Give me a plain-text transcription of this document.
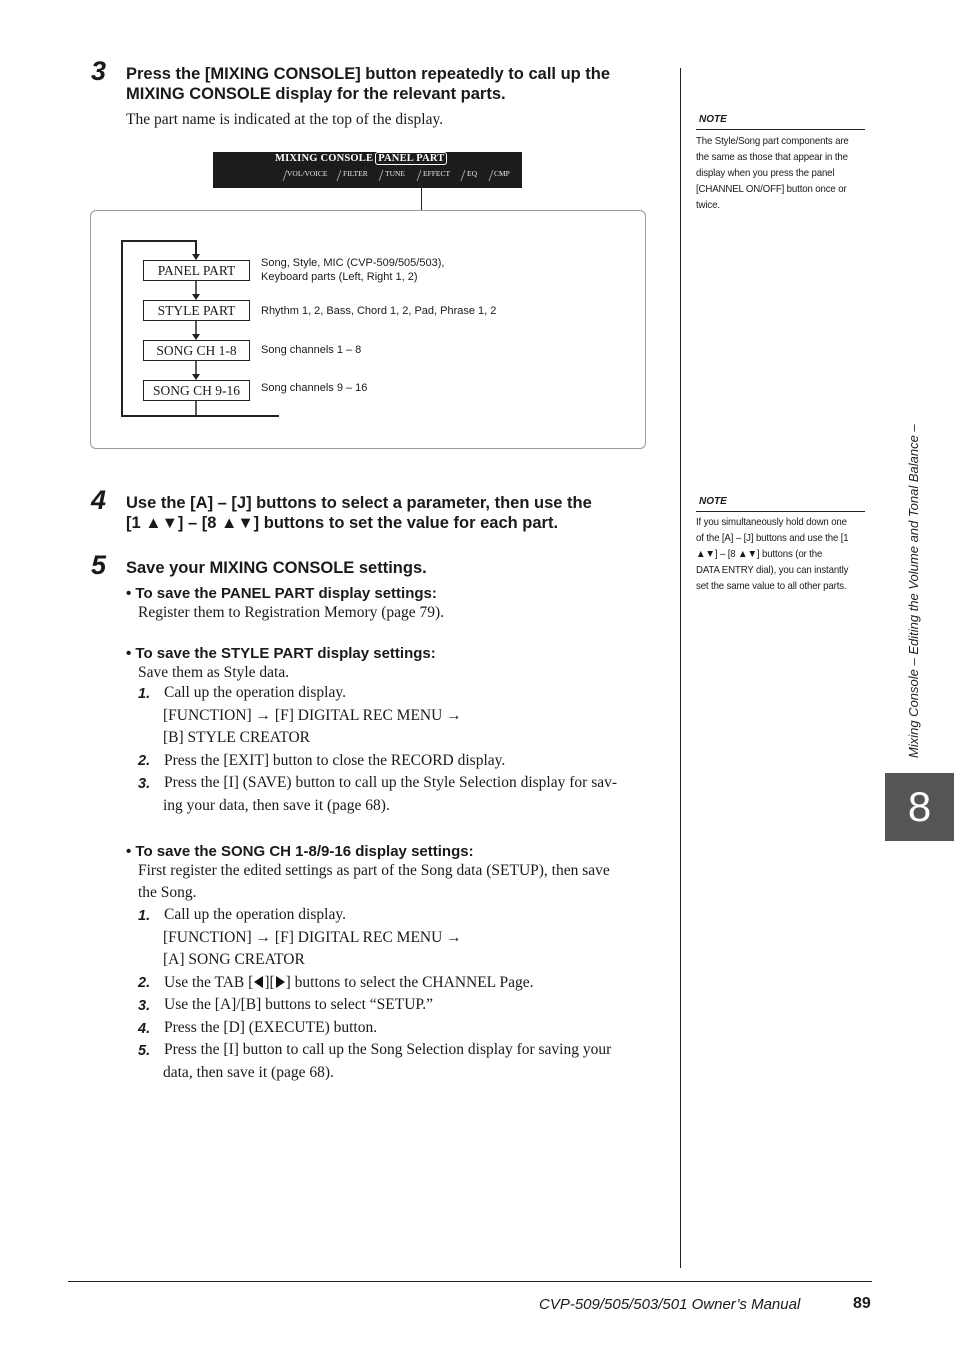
3 Press the [MIXING CONSOLE] button repeatedly to call up the
MIXING CONSOLE display for the relevant parts.
The part name is indicated at the top of the display.
MIXING CONSOLE PANEL PART
VOL/VOICE FILTER TUNE EFFECT EQ CMP
PANEL PART
STYLE PART
SONG CH 1-8
SONG CH 9-16
Song, Style, MIC (CVP-509/505/503),
Keyboard parts (Left, Right 1, 2)
Rhythm 1, 2, Bass, Chord 1, 2, Pad, Phrase 1, 2
Song channels 1 – 8
Song channels 9 – 16
4 Use the [A] – [J] buttons to select a parameter, then use the
[1 ▲▼] – [8 ▲▼] buttons to set the value for each part.
5 Save your MIXING CONSOLE settings.
• To save the PANEL PART display settings:
Register them to Registration Memory (page 79).
• To save the STYLE PART display settings:
Save them as Style data.
1. Call up the operation display.
[FUNCTION] → [F] DIGITAL REC MENU →
[B] STYLE CREATOR
2. Press the [EXIT] button to close the RECORD display.
3. Press the [I] (SAVE) button to call up the Style Selection display for sav-
ing your data, then save it (page 68).
• To save the SONG CH 1-8/9-16 display settings:
First register the edited settings as part of the Song data (SETUP), then save
the Song.
1. Call up the operation display.
[FUNCTION] → [F] DIGITAL REC MENU →
[A] SONG CREATOR
2. Use the TAB [ ][ ] buttons to select the CHANNEL Page.
3. Use the [A]/[B] buttons to select “SETUP.”
4. Press the [D] (EXECUTE) button.
5. Press the [I] button to call up the Song Selection display for saving your
data, then save it (page 68).
NOTE
The Style/Song part components are
the same as those that appear in the
display when you press the panel
[CHANNEL ON/OFF] button once or
twice.
NOTE
If you simultaneously hold down one
of the [A] – [J] buttons and use the [1
▲▼] – [8 ▲▼] buttons (or the
DATA ENTRY dial), you can instantly
set the same value to all other parts.	Mixing Console – Editing the Volume and Tonal Balance –
8
CVP-509/505/503/501 Owner’s Manual	89
